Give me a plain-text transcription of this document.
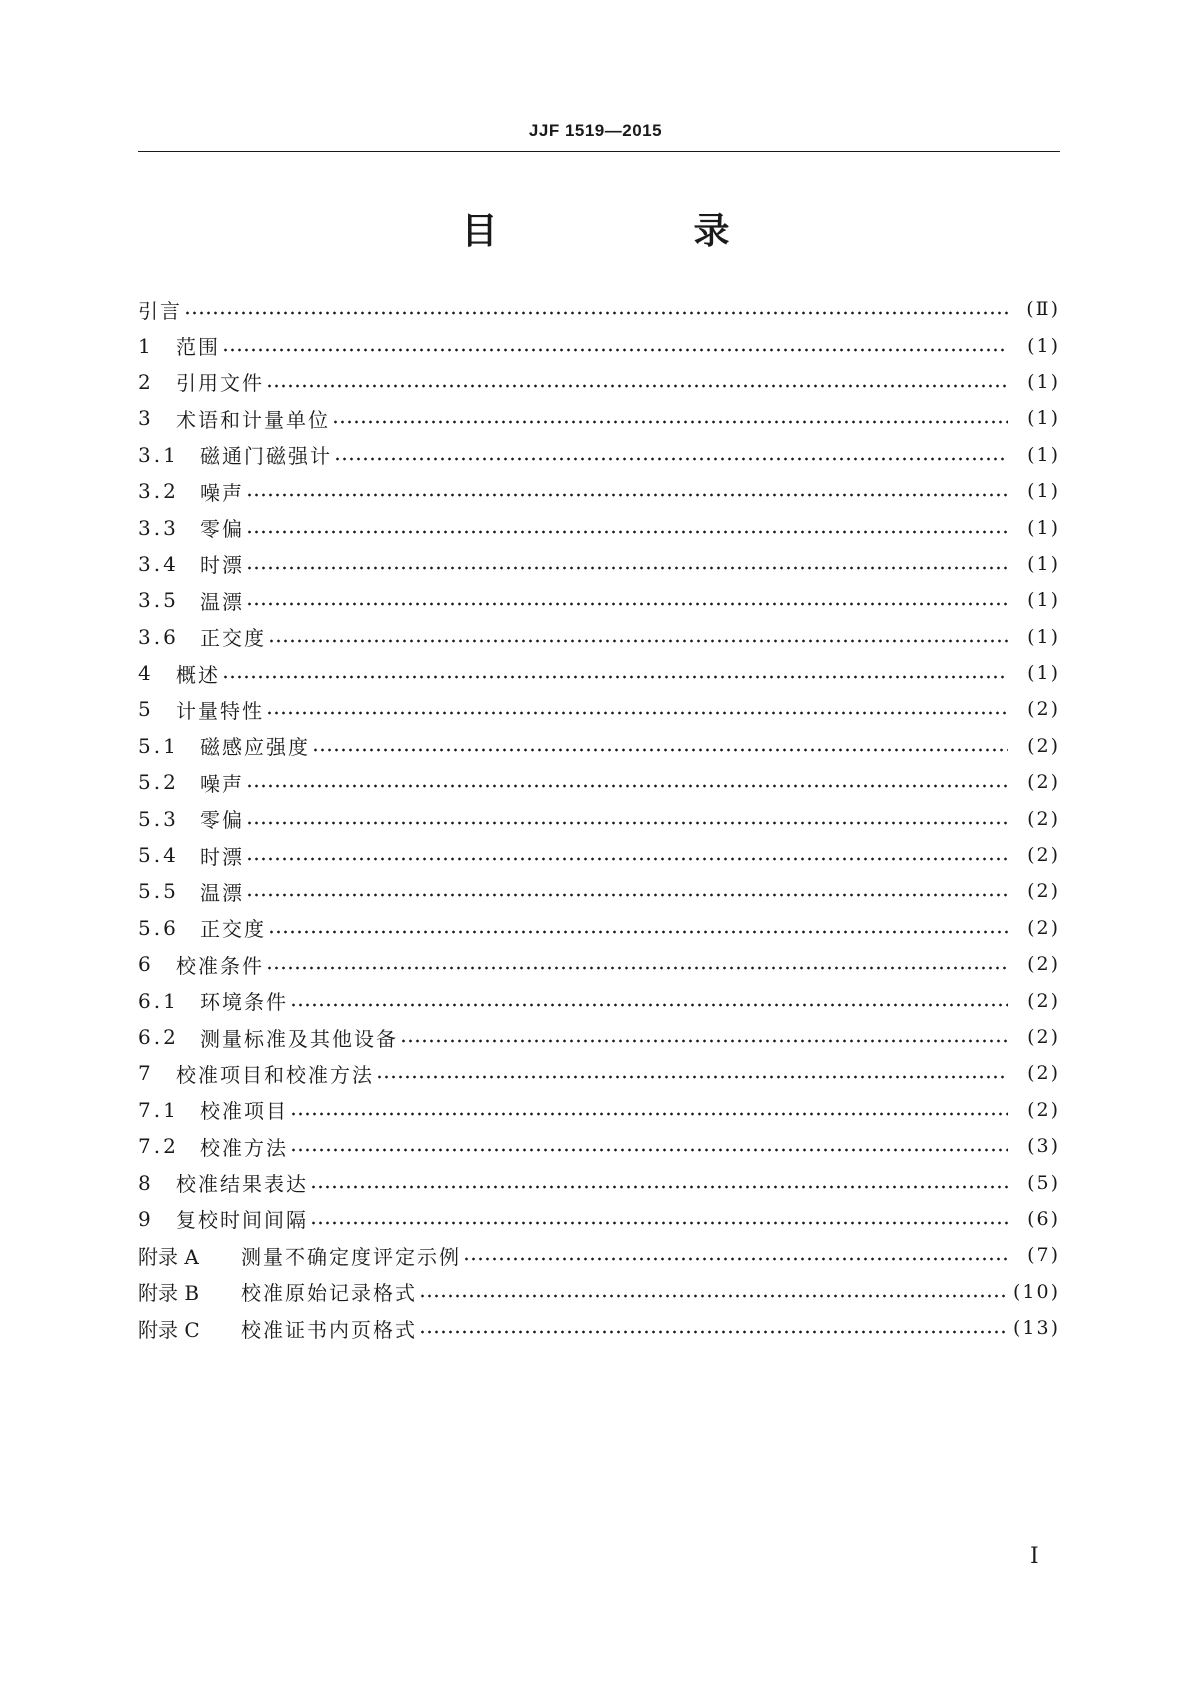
JJF 1519—2015
目　录
引言	(Ⅱ)
1	范围	(1)
2	引用文件	(1)
3	术语和计量单位	(1)
3.1	磁通门磁强计	(1)
3.2	噪声	(1)
3.3	零偏	(1)
3.4	时漂	(1)
3.5	温漂	(1)
3.6	正交度	(1)
4	概述	(1)
5	计量特性	(2)
5.1	磁感应强度	(2)
5.2	噪声	(2)
5.3	零偏	(2)
5.4	时漂	(2)
5.5	温漂	(2)
5.6	正交度	(2)
6	校准条件	(2)
6.1	环境条件	(2)
6.2	测量标准及其他设备	(2)
7	校准项目和校准方法	(2)
7.1	校准项目	(2)
7.2	校准方法	(3)
8	校准结果表达	(5)
9	复校时间间隔	(6)
附录 A	测量不确定度评定示例	(7)
附录 B	校准原始记录格式	(10)
附录 C	校准证书内页格式	(13)
I
